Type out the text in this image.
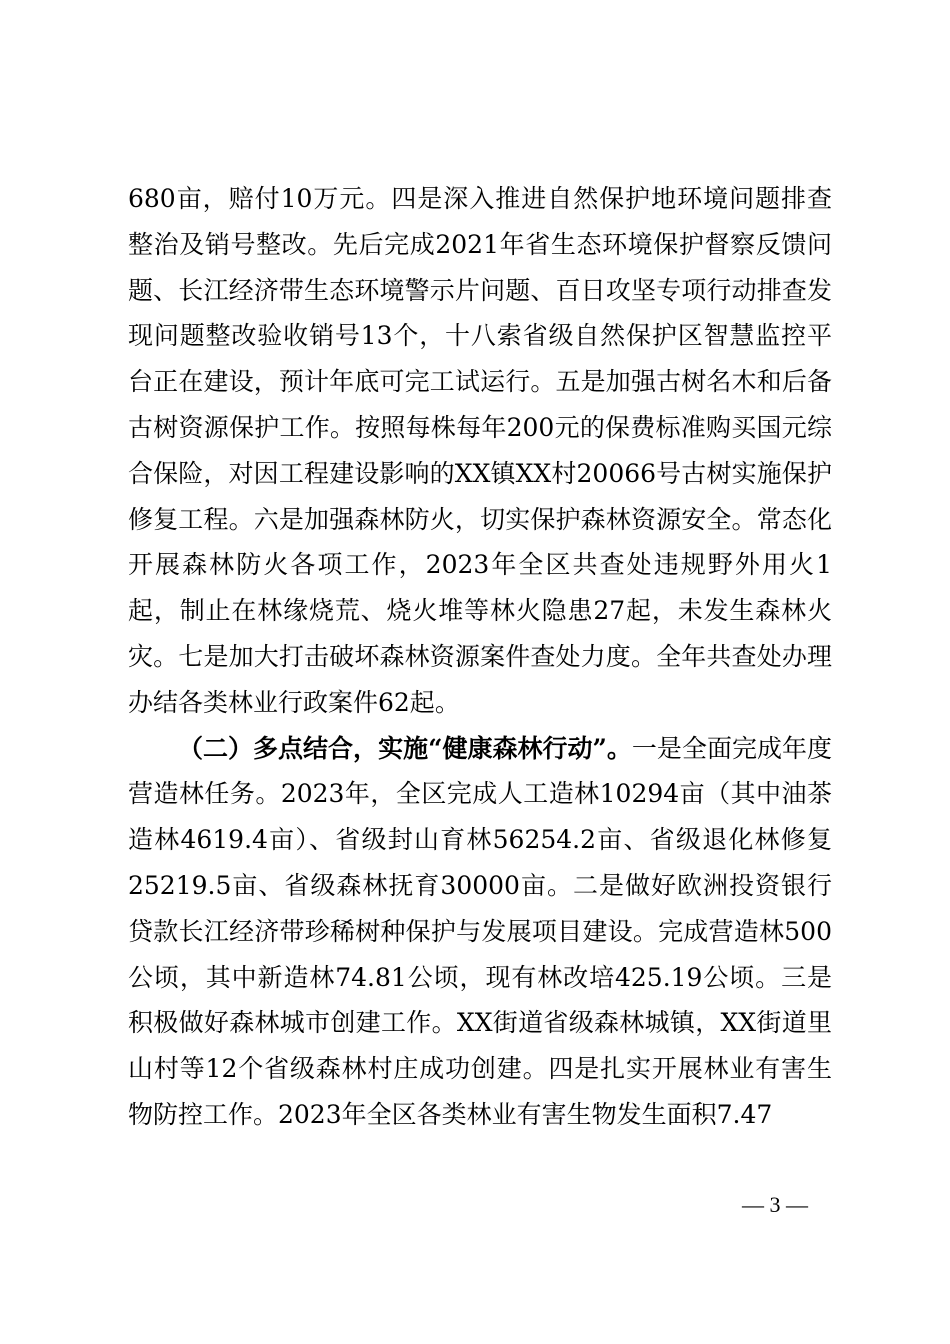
680亩，赔付10万元。四是深入推进自然保护地环境问题排查整治及销号整改。先后完成2021年省生态环境保护督察反馈问题、长江经济带生态环境警示片问题、百日攻坚专项行动排查发现问题整改验收销号13个，十八索省级自然保护区智慧监控平台正在建设，预计年底可完工试运行。五是加强古树名木和后备古树资源保护工作。按照每株每年200元的保费标准购买国元综合保险，对因工程建设影响的XX镇XX村20066号古树实施保护修复工程。六是加强森林防火，切实保护森林资源安全。常态化开展森林防火各项工作，2023年全区共查处违规野外用火1起，制止在林缘烧荒、烧火堆等林火隐患27起，未发生森林火灾。七是加大打击破坏森林资源案件查处力度。全年共查处办理办结各类林业行政案件62起。

（二）多点结合，实施“健康森林行动”。一是全面完成年度营造林任务。2023年，全区完成人工造林10294亩（其中油茶造林4619.4亩）、省级封山育林56254.2亩、省级退化林修复25219.5亩、省级森林抚育30000亩。二是做好欧洲投资银行贷款长江经济带珍稀树种保护与发展项目建设。完成营造林500公顷，其中新造林74.81公顷，现有林改培425.19公顷。三是积极做好森林城市创建工作。XX街道省级森林城镇，XX街道里山村等12个省级森林村庄成功创建。四是扎实开展林业有害生物防控工作。2023年全区各类林业有害生物发生面积7.47

— 3 —
